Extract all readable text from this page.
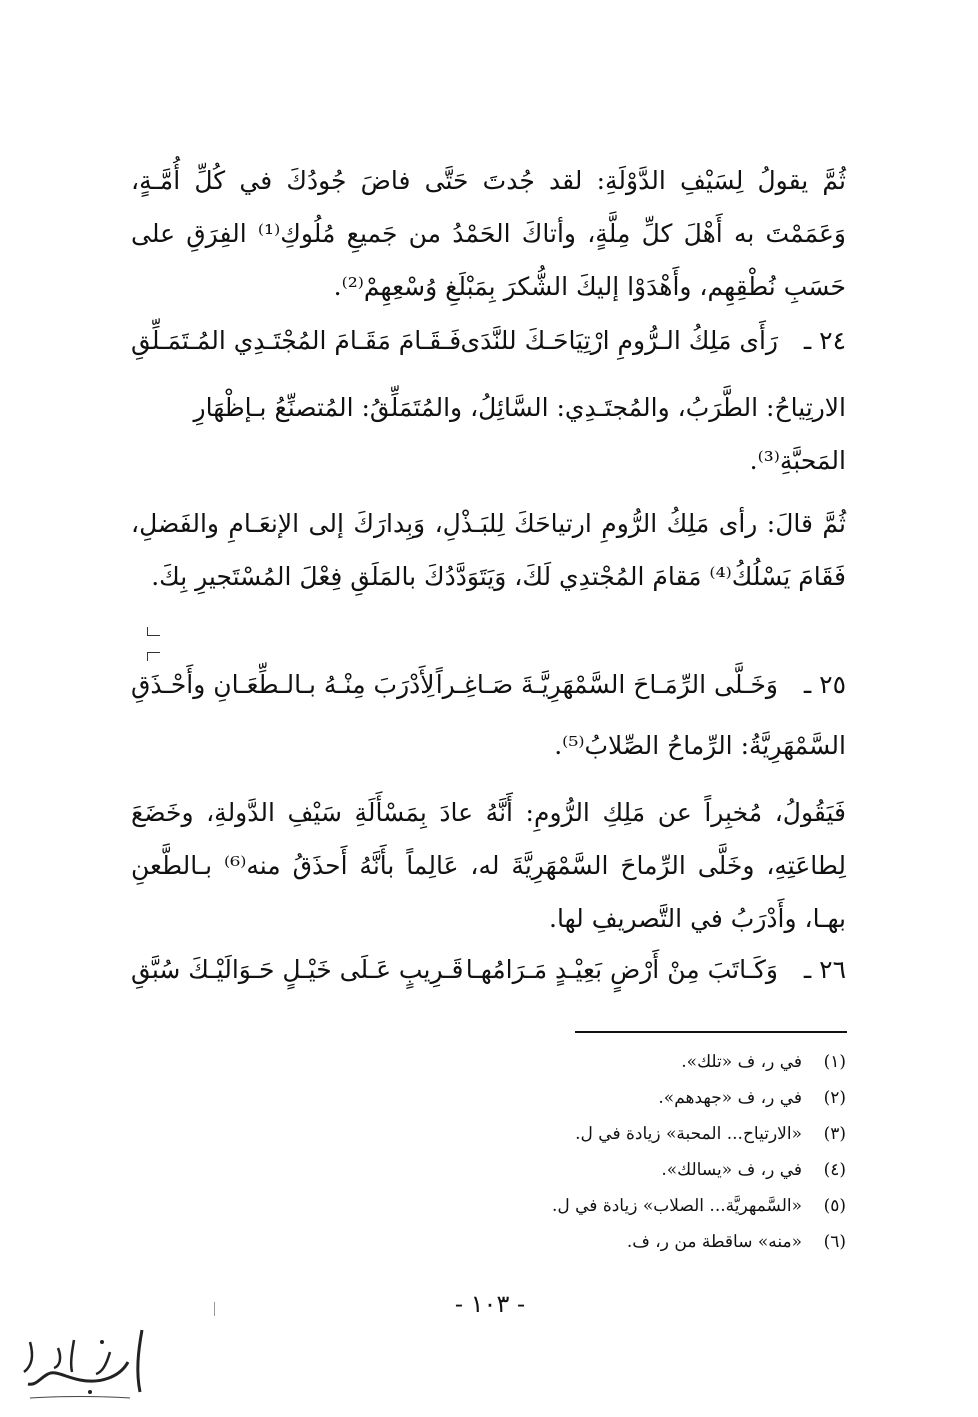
ثُمَّ يقولُ لِسَيْفِ الدَّوْلَةِ: لقد جُدتَ حَتَّى فاضَ جُودُكَ في كُلِّ أُمَّـةٍ، وَعَمَمْتَ به أَهْلَ كلِّ مِلَّةٍ، وأتاكَ الحَمْدُ من جَميعِ مُلُوكِ⁽¹⁾ الفِرَقِ على حَسَبِ نُطْقِهِم، وأَهْدَوْا إليكَ الشُّكرَ بِمَبْلَغِ وُسْعِهِمْ⁽²⁾.

٢٤ ـ
رَأَى مَلِكُ الـرُّومِ ارْتِيَاحَـكَ للنَّدَى
فَـقَـامَ مَقَـامَ المُجْتَـدِي المُـتَمَـلِّقِ

الارتِياحُ: الطَّرَبُ، والمُجتَـدِي: السَّائِلُ، والمُتَمَلِّقُ: المُتصنِّعُ بـإظْهَارِ المَحبَّةِ⁽³⁾.

ثُمَّ قالَ: رأى مَلِكُ الرُّومِ ارتياحَكَ لِلبَـذْلِ، وَبِدارَكَ إلى الإنعَـامِ والفَضلِ، فَقَامَ يَسْلُكُ⁽⁴⁾ مَقامَ المُجْتدِي لَكَ، وَيَتَوَدَّدُكَ بالمَلَقِ فِعْلَ المُسْتَجيرِ بِكَ.

٢٥ ـ
وَخَـلَّى الرِّمَـاحَ السَّمْهَرِيَّـةَ صَـاغِـراً
لِأَدْرَبَ مِنْـهُ بـالـطِّعَـانِ وأَحْـذَقِ

السَّمْهَرِيَّةُ: الرِّماحُ الصِّلابُ⁽⁵⁾.

فَيَقُولُ، مُخبِراً عن مَلِكِ الرُّومِ: أَنَّهُ عادَ بِمَسْأَلَةِ سَيْفِ الدَّولةِ، وخَضَعَ لِطاعَتِهِ، وخَلَّى الرِّماحَ السَّمْهَرِيَّةَ له، عَالِماً بأَنَّهُ أَحذَقُ منه⁽⁶⁾ بـالطَّعنِ بهـا، وأَدْرَبُ في التَّصريفِ لها.

٢٦ ـ
وَكَـاتَبَ مِنْ أَرْضٍ بَعِيْـدٍ مَـرَامُهـا
قَـرِيبٍ عَـلَى خَيْـلٍ حَـوَالَيْـكَ سُبَّقِ
(١)في ر، ف «تلك».
(٢)في ر، ف «جهدهم».
(٣)«الارتياح... المحبة» زيادة في ل.
(٤)في ر، ف «يسالك».
(٥)«السَّمهريَّة... الصلاب» زيادة في ل.
(٦)«منه» ساقطة من ر، ف.
- ١٠٣ -
